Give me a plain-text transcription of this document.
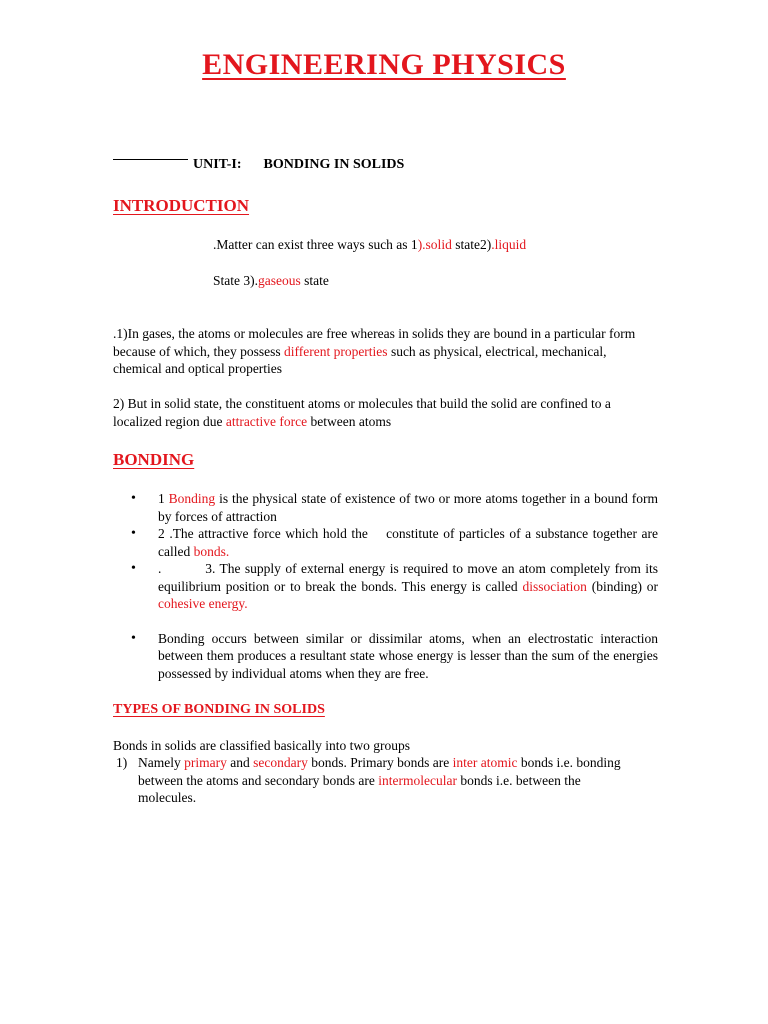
ENGINEERING PHYSICS
UNIT-I: BONDING IN SOLIDS
INTRODUCTION
.Matter can exist three ways such as 1).solid state2).liquid
State 3).gaseous state
.1)In gases, the atoms or molecules are free whereas in solids they are bound in a particular form because of which, they possess different properties such as physical, electrical, mechanical, chemical and optical properties
2) But in solid state, the constituent atoms or molecules that build the solid are confined to a localized region due attractive force between atoms
BONDING
• 1 Bonding is the physical state of existence of two or more atoms together in a bound form by forces of attraction
• 2 .The attractive force which hold the    constitute of particles of a substance together are called bonds.
• .          3. The supply of external energy is required to move an atom completely from its equilibrium position or to break the bonds. This energy is called dissociation (binding) or cohesive energy.
• Bonding occurs between similar or dissimilar atoms, when an electrostatic interaction between them produces a resultant state whose energy is lesser than the sum of the energies possessed by individual atoms when they are free.
TYPES OF BONDING IN SOLIDS
Bonds in solids are classified basically into two groups
1) Namely primary and secondary bonds. Primary bonds are inter atomic bonds i.e. bonding between the atoms and secondary bonds are intermolecular bonds i.e. between the molecules.
